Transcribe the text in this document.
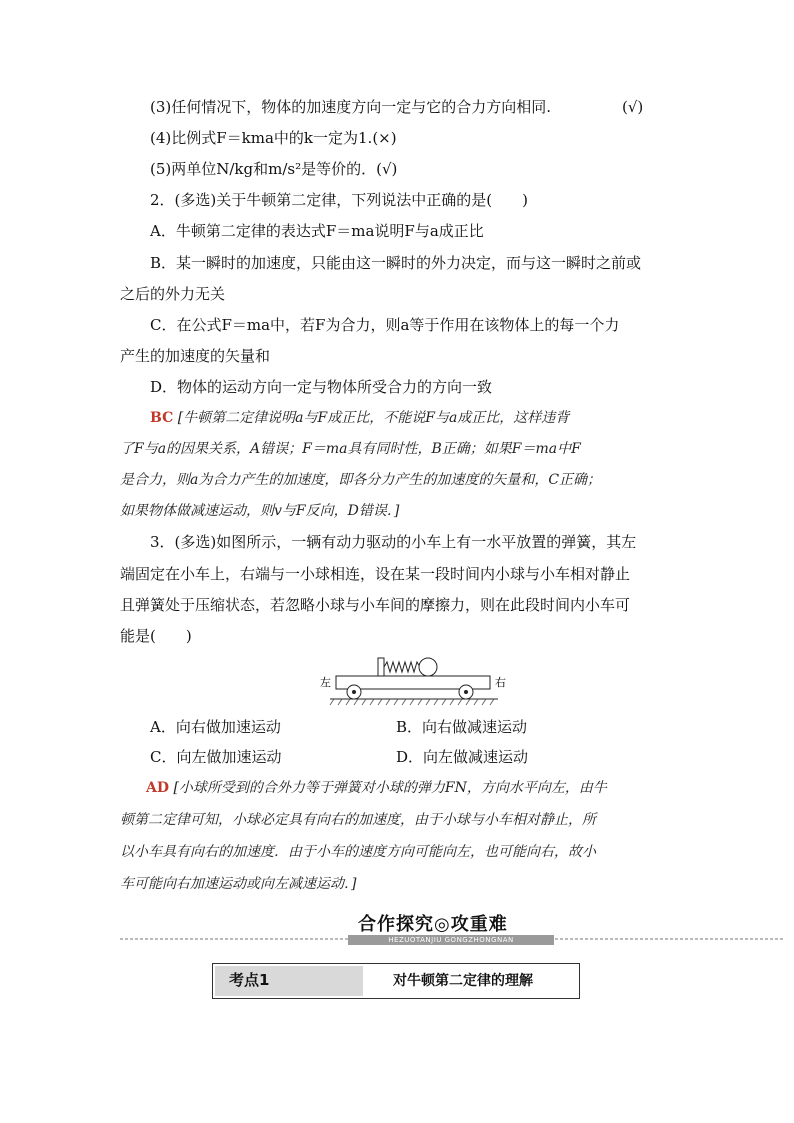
(3)任何情况下，物体的加速度方向一定与它的合力方向相同.	(√)
(4)比例式F＝kma中的k一定为1.(×)
(5)两单位N/kg和m/s²是等价的．(√)
2．(多选)关于牛顿第二定律，下列说法中正确的是(　　)
A．牛顿第二定律的表达式F＝ma说明F与a成正比
B．某一瞬时的加速度，只能由这一瞬时的外力决定，而与这一瞬时之前或
之后的外力无关
C．在公式F＝ma中，若F为合力，则a等于作用在该物体上的每一个力
产生的加速度的矢量和
D．物体的运动方向一定与物体所受合力的方向一致
BC [牛顿第二定律说明a与F成正比，不能说F与a成正比，这样违背
了F与a的因果关系，A错误；F＝ma具有同时性，B正确；如果F＝ma中F
是合力，则a为合力产生的加速度，即各分力产生的加速度的矢量和，C正确；
如果物体做减速运动，则v与F反向，D错误．]
3．(多选)如图所示，一辆有动力驱动的小车上有一水平放置的弹簧，其左
端固定在小车上，右端与一小球相连，设在某一段时间内小球与小车相对静止
且弹簧处于压缩状态，若忽略小球与小车间的摩擦力，则在此段时间内小车可
能是(　　)
左	右
A．向右做加速运动	B．向右做减速运动
C．向左做加速运动	D．向左做减速运动
AD [小球所受到的合外力等于弹簧对小球的弹力FN，方向水平向左，由牛
顿第二定律可知，小球必定具有向右的加速度，由于小球与小车相对静止，所
以小车具有向右的加速度．由于小车的速度方向可能向左，也可能向右，故小
车可能向右加速运动或向左减速运动．]
合作探究◎攻重难
HEZUOTANJIU GONGZHONGNAN
考点1	对牛顿第二定律的理解
